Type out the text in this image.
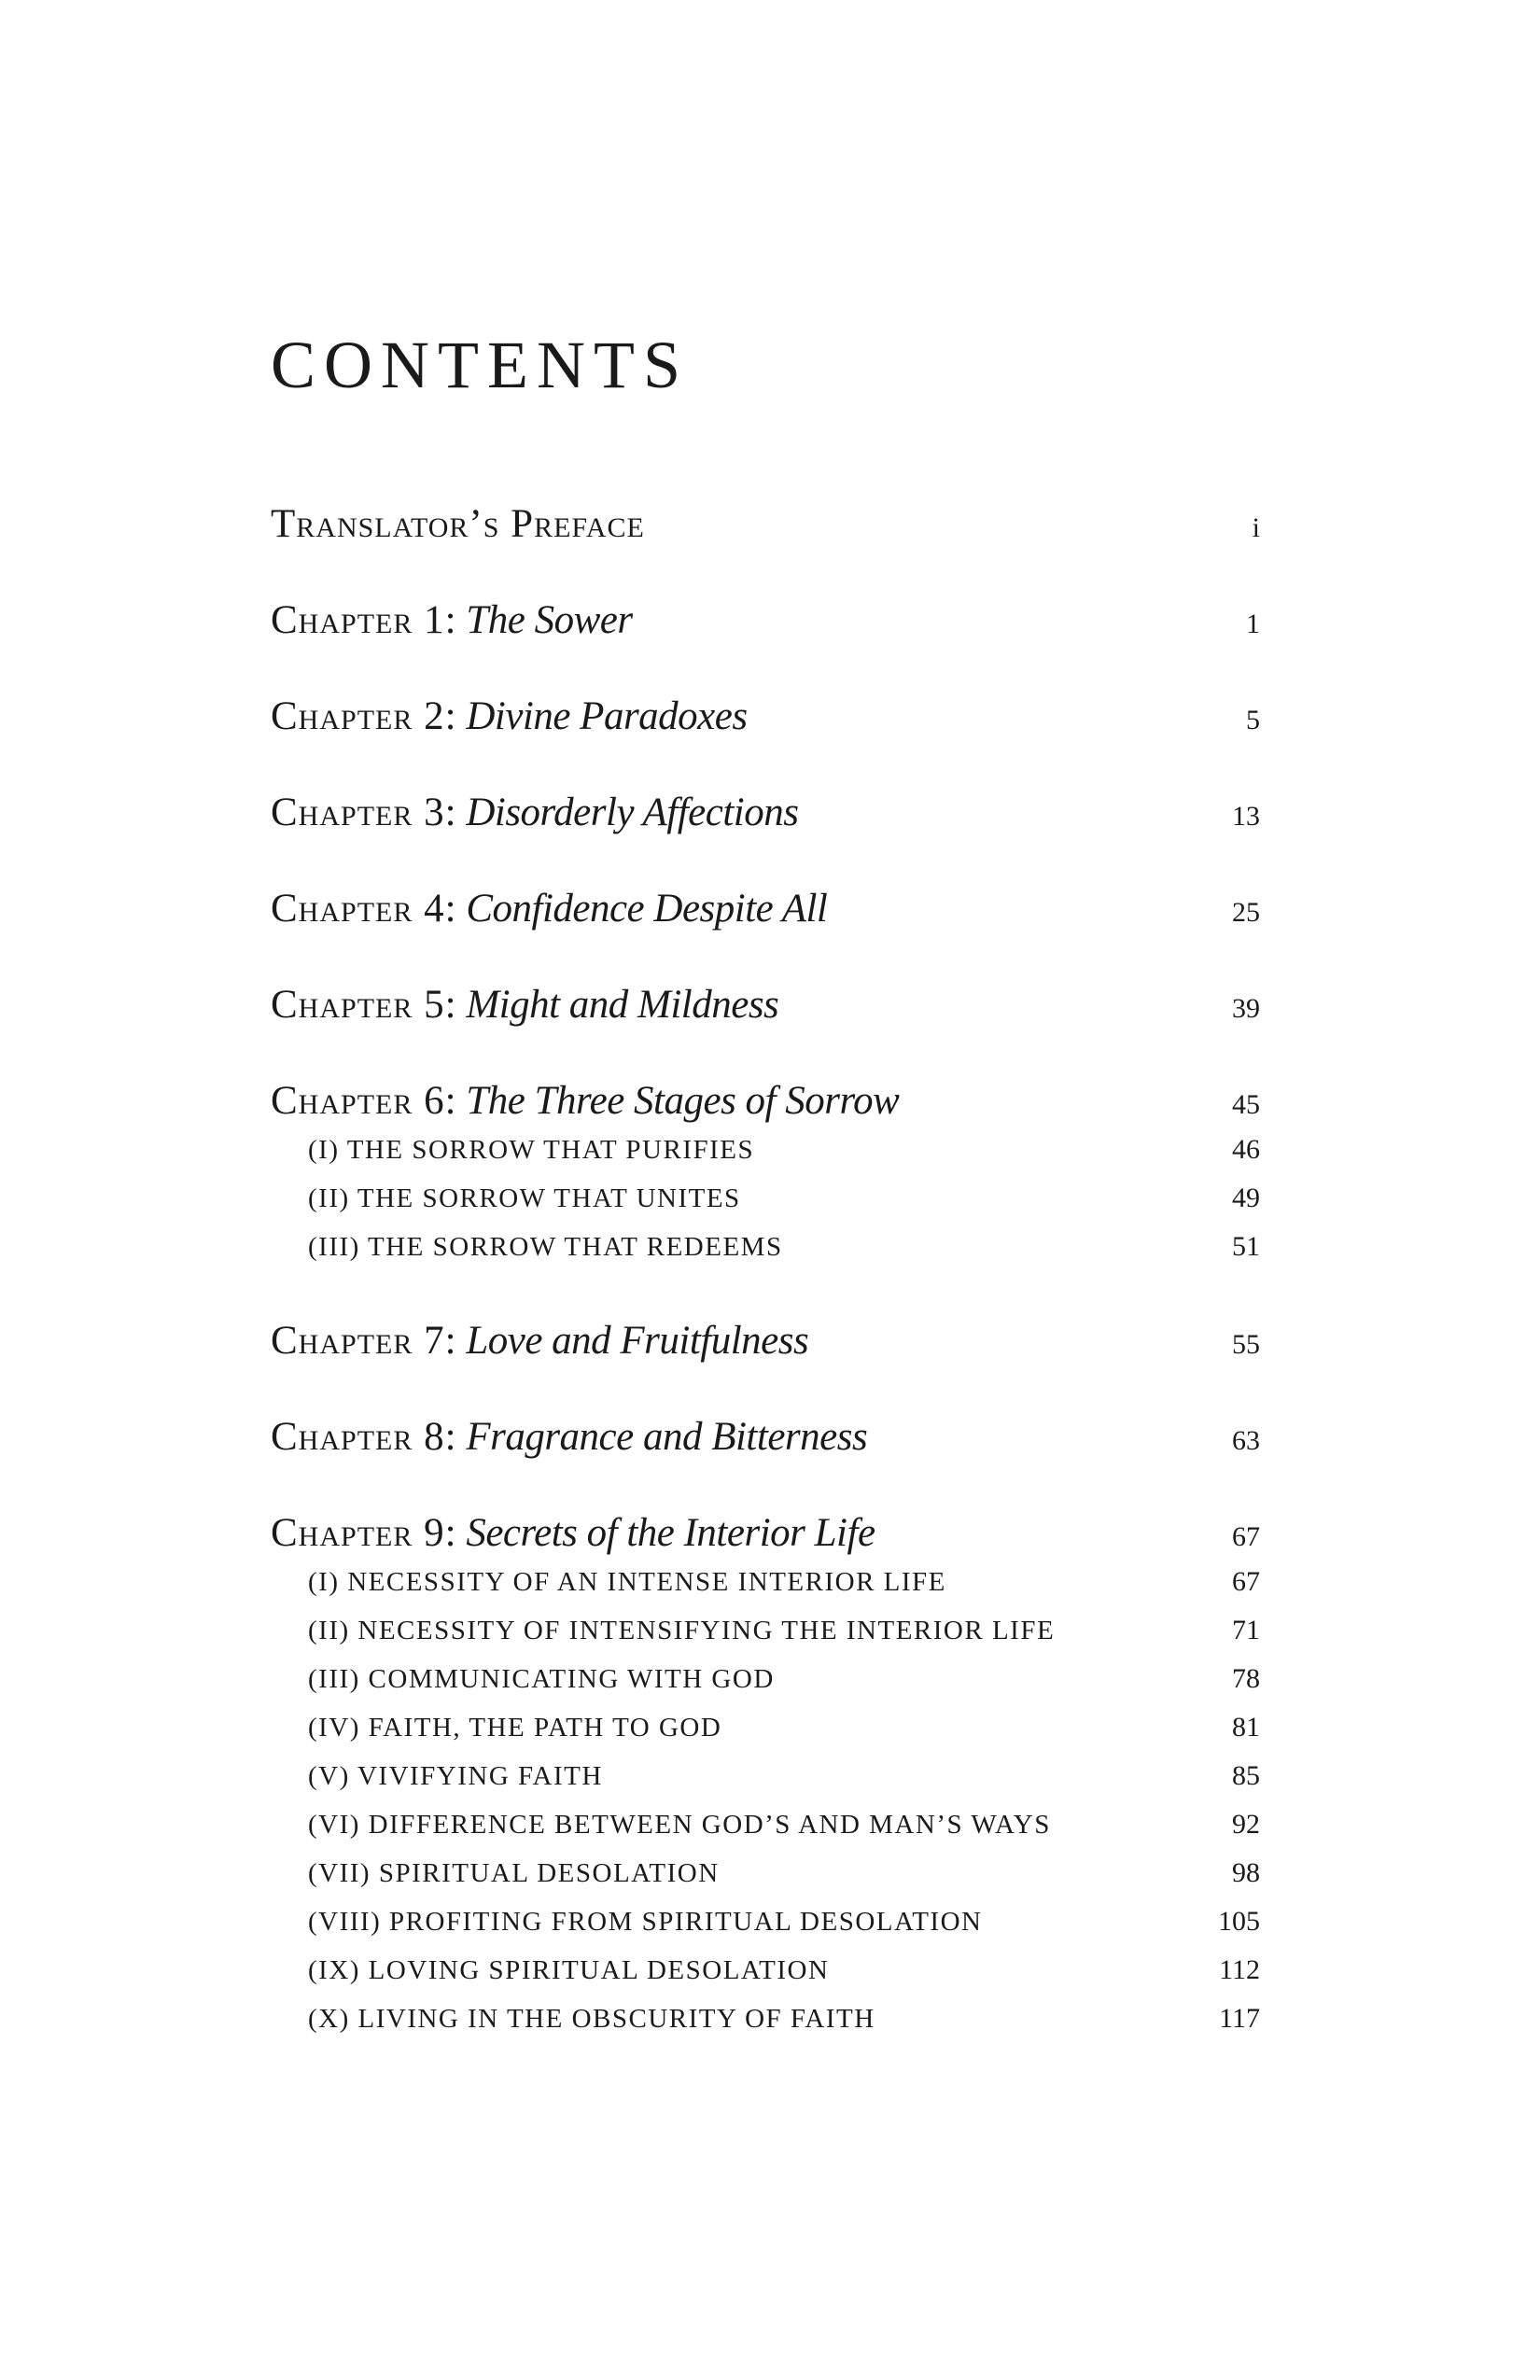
CONTENTS
Translator’s Preface	i
Chapter 1: The Sower	1
Chapter 2: Divine Paradoxes	5
Chapter 3: Disorderly Affections	13
Chapter 4: Confidence Despite All	25
Chapter 5: Might and Mildness	39
Chapter 6: The Three Stages of Sorrow	45
(I) THE SORROW THAT PURIFIES	46
(II) THE SORROW THAT UNITES	49
(III) THE SORROW THAT REDEEMS	51
Chapter 7: Love and Fruitfulness	55
Chapter 8: Fragrance and Bitterness	63
Chapter 9: Secrets of the Interior Life	67
(I) NECESSITY OF AN INTENSE INTERIOR LIFE	67
(II) NECESSITY OF INTENSIFYING THE INTERIOR LIFE	71
(III) COMMUNICATING WITH GOD	78
(IV) FAITH, THE PATH TO GOD	81
(V) VIVIFYING FAITH	85
(VI) DIFFERENCE BETWEEN GOD’S AND MAN’S WAYS	92
(VII) SPIRITUAL DESOLATION	98
(VIII) PROFITING FROM SPIRITUAL DESOLATION	105
(IX) LOVING SPIRITUAL DESOLATION	112
(X) LIVING IN THE OBSCURITY OF FAITH	117
